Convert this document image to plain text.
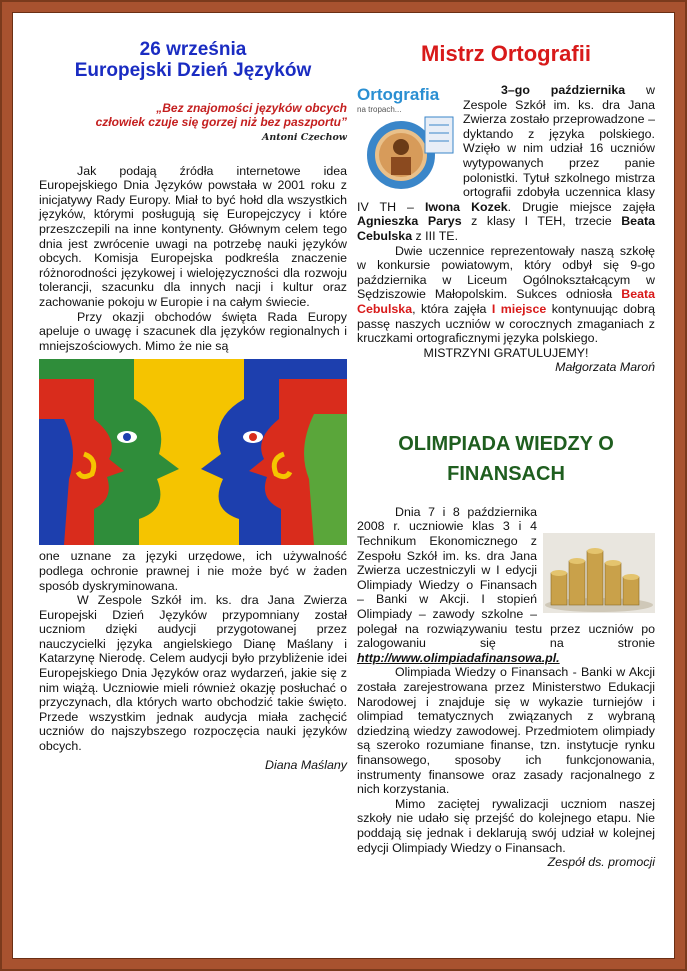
26 września
Europejski Dzień Języków
„Bez znajomości języków obcych
człowiek czuje się gorzej niż bez paszportu”
Antoni Czechow

Jak podają źródła internetowe idea Europejskiego Dnia Języków powstała w 2001 roku z inicjatywy Rady Europy. Miał to być hołd dla wszystkich języków, którymi posługują się Europejczycy i które przeszczepili na inne kontynenty. Głównym celem tego dnia jest zwrócenie uwagi na potrzebę nauki języków obcych. Komisja Europejska podkreśla znaczenie różnorodności językowej i wielojęzyczności dla rozwoju tolerancji, szacunku dla innych nacji i kultur oraz zachowanie pokoju w Europie i na całym świecie.

Przy okazji obchodów święta Rada Europy apeluje o uwagę i szacunek dla języków regionalnych i mniejszościowych. Mimo że nie są

one uznane za języki urzędowe, ich używalność podlega ochronie prawnej i nie może być w żaden sposób dyskryminowana.

W Zespole Szkół im. ks. dra Jana Zwierza Europejski Dzień Języków przypomniany został uczniom dzięki audycji przygotowanej przez nauczycielki języka angielskiego Dianę Maślany i Katarzynę Nierodę. Celem audycji było przybliżenie idei Europejskiego Dnia Języków oraz wydarzeń, jakie się z nim wiążą. Uczniowie mieli również okazję posłuchać o przyczynach, dla których warto obchodzić takie święto. Przede wszystkim jednak audycja miała zachęcić uczniów do najszybszego rozpoczęcia nauki języków obcych.

Diana Maślany
Mistrz Ortografii
Ortografia
na tropach...

3–go października w Zespole Szkół im. ks. dra Jana Zwierza zostało przeprowadzone – dyktando z języka polskiego. Wzięło w nim udział 16 uczniów wytypowanych przez panie polonistki. Tytuł szkolnego mistrza ortografii zdobyła uczennica klasy IV TH – Iwona Kozek. Drugie miejsce zajęła Agnieszka Parys z klasy I TEH, trzecie Beata Cebulska z III TE.

Dwie uczennice reprezentowały naszą szkołę w konkursie powiatowym, który odbył się 9-go października w Liceum Ogólnokształcącym w Sędziszowie Małopolskim. Sukces odniosła Beata Cebulska, która zajęła I miejsce kontynuując dobrą passę naszych uczniów w corocznych zmaganiach z kruczkami ortograficznymi języka polskiego.

MISTRZYNI GRATULUJEMY!

Małgorzata Maroń
OLIMPIADA WIEDZY O
FINANSACH

Dnia 7 i 8 października 2008 r. uczniowie klas 3 i 4 Technikum Ekonomicznego z Zespołu Szkół im. ks. dra Jana Zwierza uczestniczyli w I edycji Olimpiady Wiedzy o Finansach – Banki w Akcji. I stopień Olimpiady – zawody szkolne – polegał na rozwiązywaniu testu przez uczniów po zalogowaniu się na stronie http://www.olimpiadafinansowa.pl.

Olimpiada Wiedzy o Finansach - Banki w Akcji została zarejestrowana przez Ministerstwo Edukacji Narodowej i znajduje się w wykazie turniejów i olimpiad tematycznych związanych z wybraną dziedziną wiedzy zawodowej. Przedmiotem olimpiady są szeroko rozumiane finanse, tzn. instytucje rynku finansowego, sposoby ich funkcjonowania, instrumenty finansowe oraz zasady racjonalnego z nich korzystania.

Mimo zaciętej rywalizacji uczniom naszej szkoły nie udało się przejść do kolejnego etapu. Nie poddają się jednak i deklarują swój udział w kolejnej edycji Olimpiady Wiedzy o Finansach.

Zespół ds. promocji
